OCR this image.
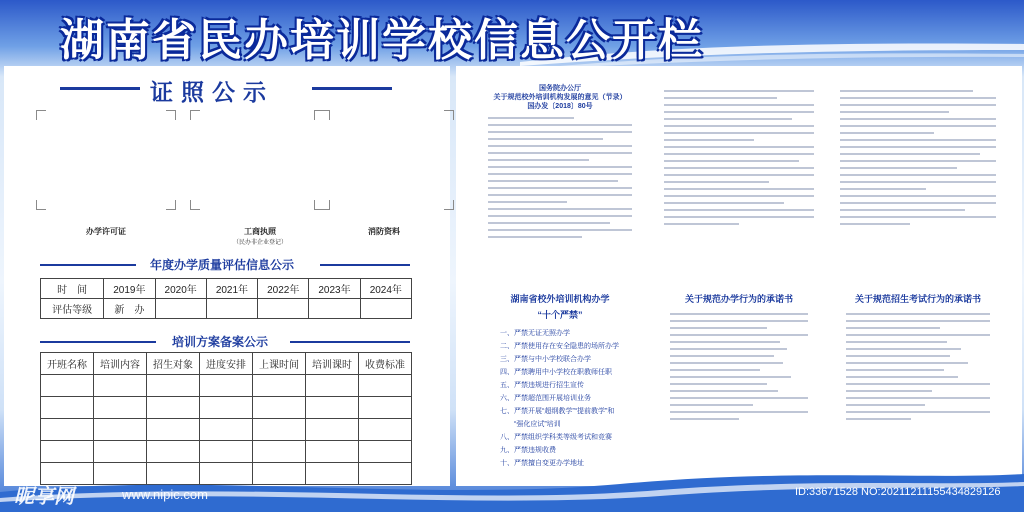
湖南省民办培训学校信息公开栏
证照公示
办学许可证	工商执照
（民办非企业登记）
消防资料
年度办学质量评估信息公示
时　间	2019年	2020年	2021年	2022年	2023年	2024年
评估等级	新　办					
培训方案备案公示
开班名称	培训内容	招生对象	进度安排	上课时间	培训课时	收费标准

国务院办公厅
关于规范校外培训机构发展的意见（节录）
国办发〔2018〕80号
湖南省校外培训机构办学
“十个严禁”
一、严禁无证无照办学
二、严禁使用存在安全隐患的场所办学
三、严禁与中小学校联合办学
四、严禁聘用中小学校在职教师任职
五、严禁违规进行招生宣传
六、严禁超范围开展培训业务
七、严禁开展“超纲教学”“提前教学”和
　　“强化应试”培训
八、严禁组织学科类等级考试和竞赛
九、严禁违规收费
十、严禁擅自变更办学地址
关于规范办学行为的承诺书	关于规范招生考试行为的承诺书
昵享网	www.nipic.com	ID:33671528 NO:20211211155434829126
